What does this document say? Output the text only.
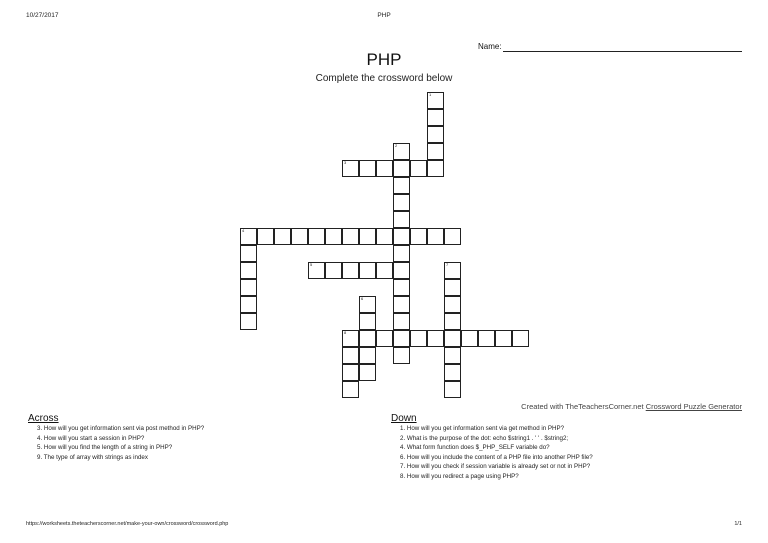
10/27/2017	PHP
Name:
PHP
Complete the crossword below
1
2
3
4
5
6
7
8
Created with TheTeachersCorner.net Crossword Puzzle Generator
Across
3. How will you get information sent via post method in PHP?
4. How will you start a session in PHP?
5. How will you find the length of a string in PHP?
9. The type of array with strings as index
Down
1. How will you get information sent via get method in PHP?
2. What is the purpose of the dot: echo $string1 . ' ' . $string2;
4. What form function does $_PHP_SELF variable do?
6. How will you include the content of a PHP file into another PHP file?
7. How will you check if session variable is already set or not in PHP?
8. How will you redirect a page using PHP?
https://worksheets.theteacherscorner.net/make-your-own/crossword/crossword.php	1/1
